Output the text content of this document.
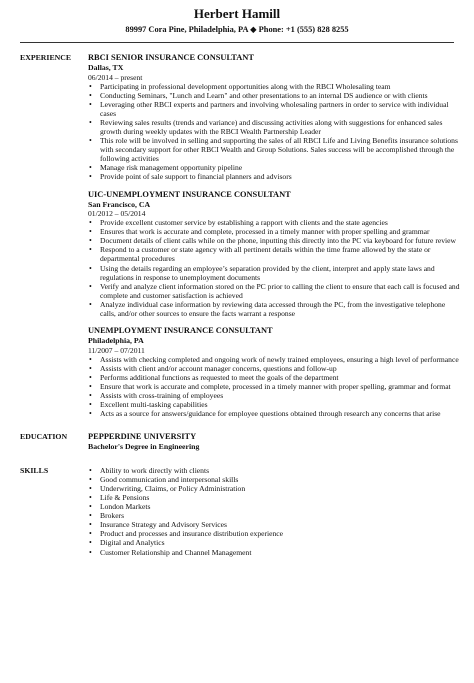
Herbert Hamill
89997 Cora Pine, Philadelphia, PA ◆ Phone: +1 (555) 828 8255
EXPERIENCE	RBCI SENIOR INSURANCE CONSULTANT
Dallas, TX
06/2014 – present
• Participating in professional development opportunities along with the RBCI Wholesaling team
• Conducting Seminars, "Lunch and Learn" and other presentations to an internal DS audience or with clients
• Leveraging other RBCI experts and partners and involving wholesaling partners in order to service with individual cases
• Reviewing sales results (trends and variance) and discussing activities along with suggestions for enhanced sales growth during weekly updates with the RBCI Wealth Partnership Leader
• This role will be involved in selling and supporting the sales of all RBCI Life and Living Benefits insurance solutions with secondary support for other RBCI Wealth and Group Solutions. Sales success will be accomplished through the following activities
• Manage risk management opportunity pipeline
• Provide point of sale support to financial planners and advisors
UIC-UNEMPLOYMENT INSURANCE CONSULTANT
San Francisco, CA
01/2012 – 05/2014
• Provide excellent customer service by establishing a rapport with clients and the state agencies
• Ensures that work is accurate and complete, processed in a timely manner with proper spelling and grammar
• Document details of client calls while on the phone, inputting this directly into the PC via keyboard for future review
• Respond to a customer or state agency with all pertinent details within the time frame allowed by the state or departmental procedures
• Using the details regarding an employee’s separation provided by the client, interpret and apply state laws and regulations in response to unemployment documents
• Verify and analyze client information stored on the PC prior to calling the client to ensure that each call is focused and complete and customer satisfaction is achieved
• Analyze individual case information by reviewing data accessed through the PC, from the investigative telephone calls, and/or other sources to ensure the facts warrant a response
UNEMPLOYMENT INSURANCE CONSULTANT
Philadelphia, PA
11/2007 – 07/2011
• Assists with checking completed and ongoing work of newly trained employees, ensuring a high level of performance
• Assists with client and/or account manager concerns, questions and follow-up
• Performs additional functions as requested to meet the goals of the department
• Ensure that work is accurate and complete, processed in a timely manner with proper spelling, grammar and format
• Assists with cross-training of employees
• Excellent multi-tasking capabilities
• Acts as a source for answers/guidance for employee questions obtained through research any concerns that arise
EDUCATION	PEPPERDINE UNIVERSITY
Bachelor's Degree in Engineering
SKILLS
•	Ability to work directly with clients
• Good communication and interpersonal skills
• Underwriting, Claims, or Policy Administration
• Life & Pensions
• London Markets
• Brokers
• Insurance Strategy and Advisory Services
• Product and processes and insurance distribution experience
• Digital and Analytics
• Customer Relationship and Channel Management
